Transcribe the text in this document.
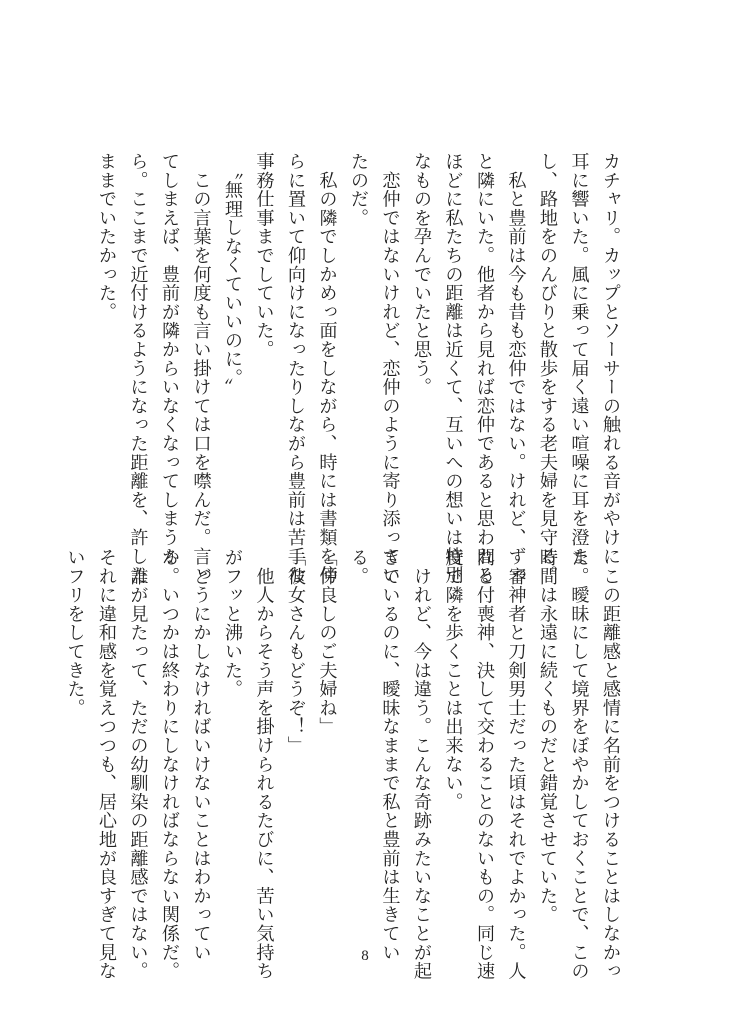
カチャリ。カップとソーサーの触れる音がやけに

耳に響いた。風に乗って届く遠い喧噪に耳を澄ま

し、路地をのんびりと散歩をする老夫婦を見守る。

　私と豊前は今も昔も恋仲ではない。けれど、ずっ

と隣にいた。他者から見れば恋仲であると思われる

ほどに私たちの距離は近くて、互いへの想いは特別

なものを孕んでいたと思う。

　恋仲ではないけれど、恋仲のように寄り添ってい

たのだ。

　私の隣でしかめっ面をしながら、時には書類を傍

らに置いて仰向けになったりしながら豊前は苦手な

事務仕事までしていた。

　〝無理しなくていいのに。〟

　この言葉を何度も言い掛けては口を噤んだ。言っ

てしまえば、豊前が隣からいなくなってしまうか

ら。ここまで近付けるようになった距離を、許した

ままでいたかった。

　この距離感と感情に名前をつけることはしなかっ

た。曖昧にして境界をぼやかしておくことで、この

時間は永遠に続くものだと錯覚させていた。

　審神者と刀剣男士だった頃はそれでよかった。人

間と付喪神、決して交わることのないもの。同じ速

度で隣を歩くことは出来ない。

　けれど、今は違う。こんな奇跡みたいなことが起

きているのに、曖昧なままで私と豊前は生きてい

る。

「仲良しのご夫婦ね」

「彼女さんもどうぞ！」

　他人からそう声を掛けられるたびに、苦い気持ち

がフッと沸いた。

　どうにかしなければいけないことはわかってい

る。いつかは終わりにしなければならない関係だ。

　誰が見たって、ただの幼馴染の距離感ではない。

それに違和感を覚えつつも、居心地が良すぎて見な

いフリをしてきた。

8
